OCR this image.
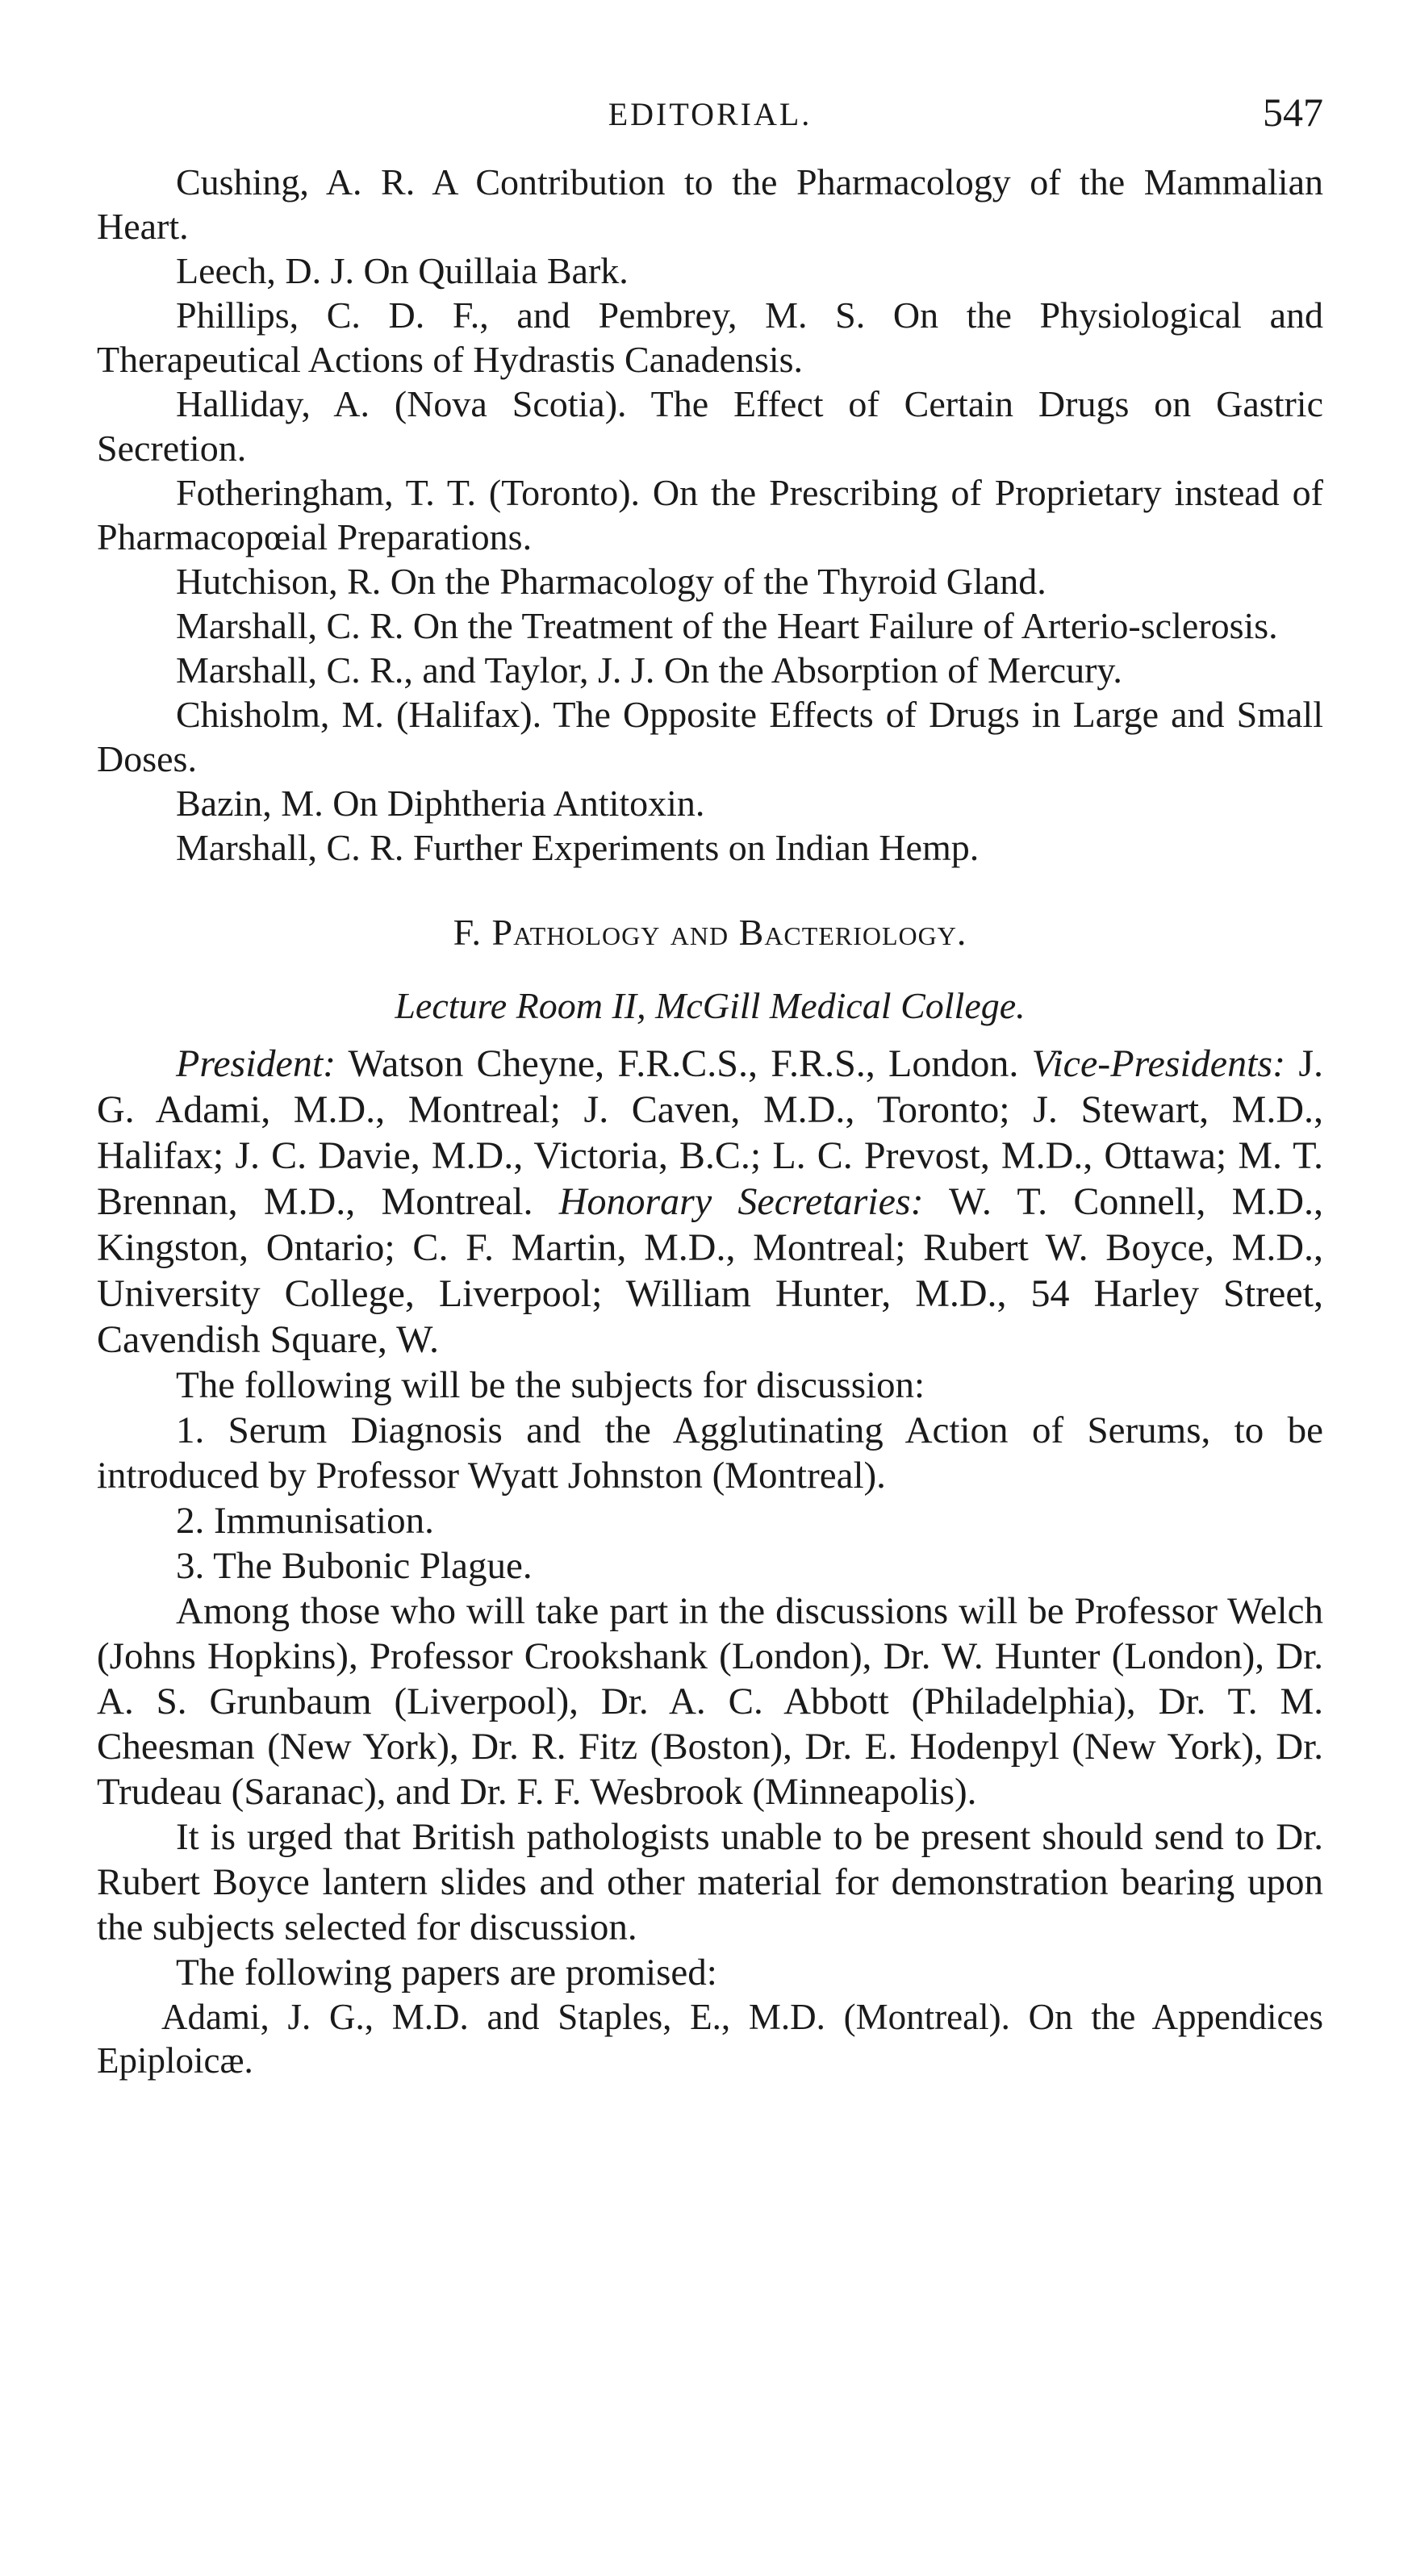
EDITORIAL.	547

Cushing, A. R. A Contribution to the Pharmacology of the Mammalian Heart.

Leech, D. J. On Quillaia Bark.

Phillips, C. D. F., and Pembrey, M. S. On the Physiological and Therapeutical Actions of Hydrastis Canadensis.

Halliday, A. (Nova Scotia). The Effect of Certain Drugs on Gastric Secretion.

Fotheringham, T. T. (Toronto). On the Prescribing of Proprietary instead of Pharmacopœial Preparations.

Hutchison, R. On the Pharmacology of the Thyroid Gland.

Marshall, C. R. On the Treatment of the Heart Failure of Arterio-sclerosis.

Marshall, C. R., and Taylor, J. J. On the Absorption of Mercury.

Chisholm, M. (Halifax). The Opposite Effects of Drugs in Large and Small Doses.

Bazin, M. On Diphtheria Antitoxin.

Marshall, C. R. Further Experiments on Indian Hemp.

F. Pathology and Bacteriology.
Lecture Room II, McGill Medical College.

President: Watson Cheyne, F.R.C.S., F.R.S., London. Vice-Presidents: J. G. Adami, M.D., Montreal; J. Caven, M.D., Toronto; J. Stewart, M.D., Halifax; J. C. Davie, M.D., Victoria, B.C.; L. C. Prevost, M.D., Ottawa; M. T. Brennan, M.D., Montreal. Honorary Secretaries: W. T. Connell, M.D., Kingston, Ontario; C. F. Martin, M.D., Montreal; Rubert W. Boyce, M.D., University College, Liverpool; William Hunter, M.D., 54 Harley Street, Cavendish Square, W.

The following will be the subjects for discussion:

1. Serum Diagnosis and the Agglutinating Action of Serums, to be introduced by Professor Wyatt Johnston (Montreal).

2. Immunisation.

3. The Bubonic Plague.

Among those who will take part in the discussions will be Professor Welch (Johns Hopkins), Professor Crookshank (London), Dr. W. Hunter (London), Dr. A. S. Grunbaum (Liverpool), Dr. A. C. Abbott (Philadelphia), Dr. T. M. Cheesman (New York), Dr. R. Fitz (Boston), Dr. E. Hodenpyl (New York), Dr. Trudeau (Saranac), and Dr. F. F. Wesbrook (Minneapolis).

It is urged that British pathologists unable to be present should send to Dr. Rubert Boyce lantern slides and other material for demonstration bearing upon the subjects selected for discussion.

The following papers are promised:

Adami, J. G., M.D. and Staples, E., M.D. (Montreal). On the Appendices Epiploicæ.
